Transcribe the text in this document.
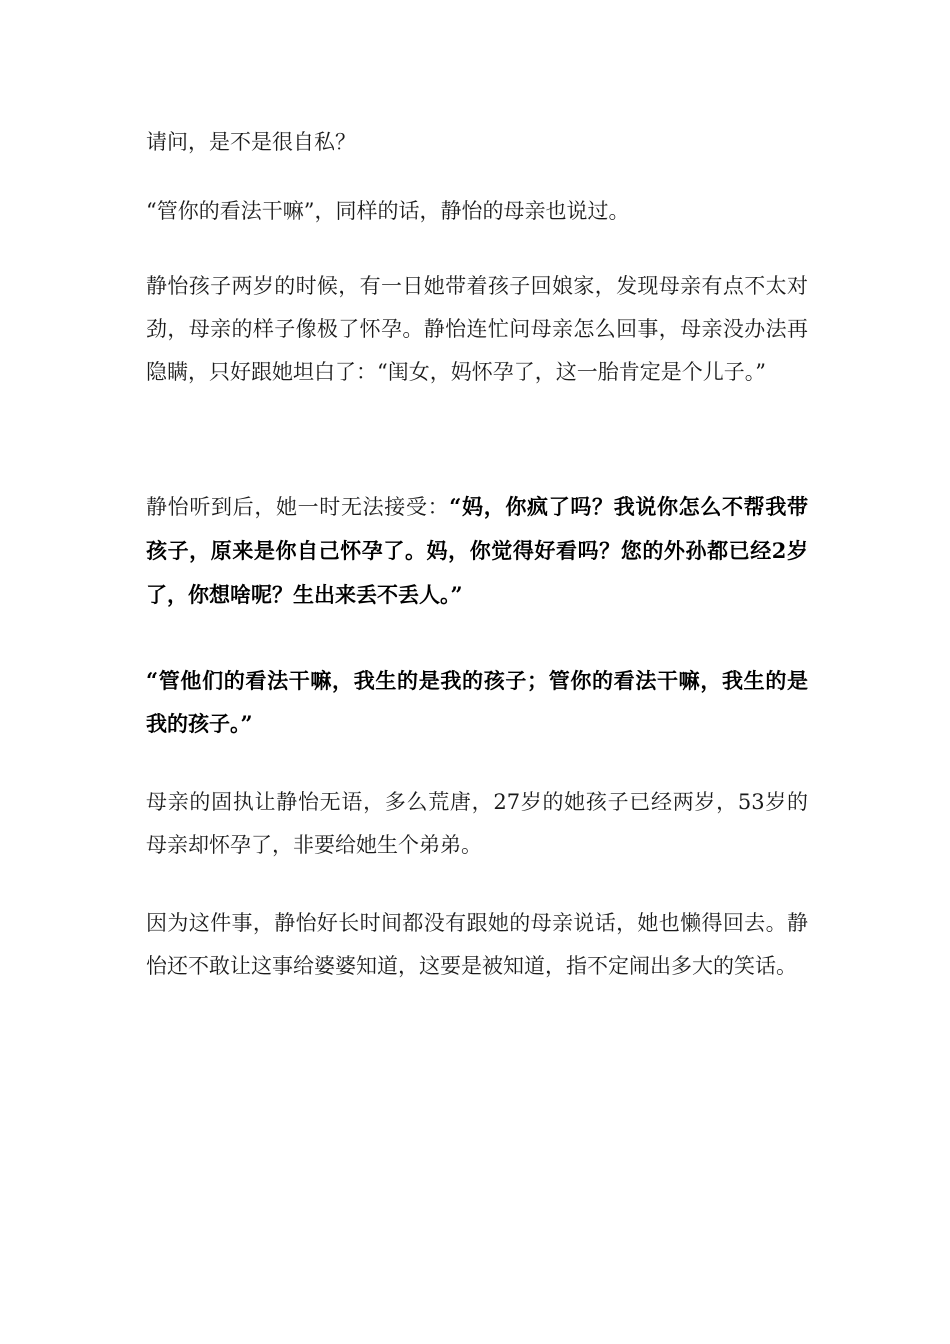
请问，是不是很自私？

“管你的看法干嘛”，同样的话，静怡的母亲也说过。

静怡孩子两岁的时候，有一日她带着孩子回娘家，发现母亲有点不太对劲，母亲的样子像极了怀孕。静怡连忙问母亲怎么回事，母亲没办法再隐瞒，只好跟她坦白了：“闺女，妈怀孕了，这一胎肯定是个儿子。”

静怡听到后，她一时无法接受：“妈，你疯了吗？我说你怎么不帮我带孩子，原来是你自己怀孕了。妈，你觉得好看吗？您的外孙都已经2岁了，你想啥呢？生出来丢不丢人。”

“管他们的看法干嘛，我生的是我的孩子；管你的看法干嘛，我生的是我的孩子。”

母亲的固执让静怡无语，多么荒唐，27岁的她孩子已经两岁，53岁的母亲却怀孕了，非要给她生个弟弟。

因为这件事，静怡好长时间都没有跟她的母亲说话，她也懒得回去。静怡还不敢让这事给婆婆知道，这要是被知道，指不定闹出多大的笑话。
